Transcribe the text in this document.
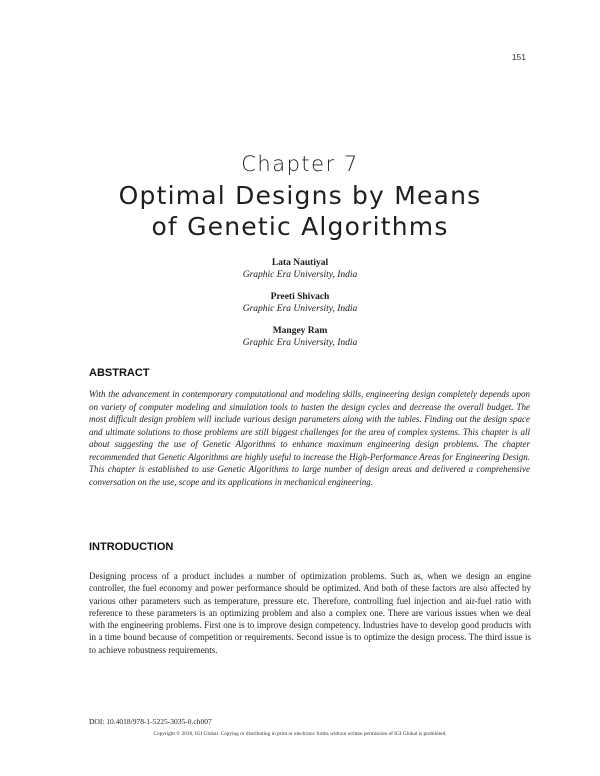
151
Chapter 7
Optimal Designs by Means
of Genetic Algorithms
Lata Nautiyal
Graphic Era University, India
Preeti Shivach
Graphic Era University, India
Mangey Ram
Graphic Era University, India
ABSTRACT
With the advancement in contemporary computational and modeling skills, engineering design completely depends upon on variety of computer modeling and simulation tools to hasten the design cycles and decrease the overall budget. The most difficult design problem will include various design parameters along with the tables. Finding out the design space and ultimate solutions to those problems are still biggest challenges for the area of complex systems. This chapter is all about suggesting the use of Genetic Algorithms to enhance maximum engineering design problems. The chapter recommended that Genetic Algorithms are highly useful to increase the High-Performance Areas for Engineering Design. This chapter is established to use Genetic Algorithms to large number of design areas and delivered a comprehensive conversation on the use, scope and its applications in mechanical engineering.
INTRODUCTION
Designing process of a product includes a number of optimization problems. Such as, when we design an engine controller, the fuel economy and power performance should be optimized. And both of these factors are also affected by various other parameters such as temperature, pressure etc. Therefore, controlling fuel injection and air-fuel ratio with reference to these parameters is an optimizing problem and also a complex one. There are various issues when we deal with the engineering problems. First one is to improve design competency. Industries have to develop good products with in a time bound because of competition or requirements. Second issue is to optimize the design process. The third issue is to achieve robustness requirements.
DOI: 10.4018/978-1-5225-3035-0.ch007
Copyright © 2018, IGI Global. Copying or distributing in print or electronic forms without written permission of IGI Global is prohibited.
